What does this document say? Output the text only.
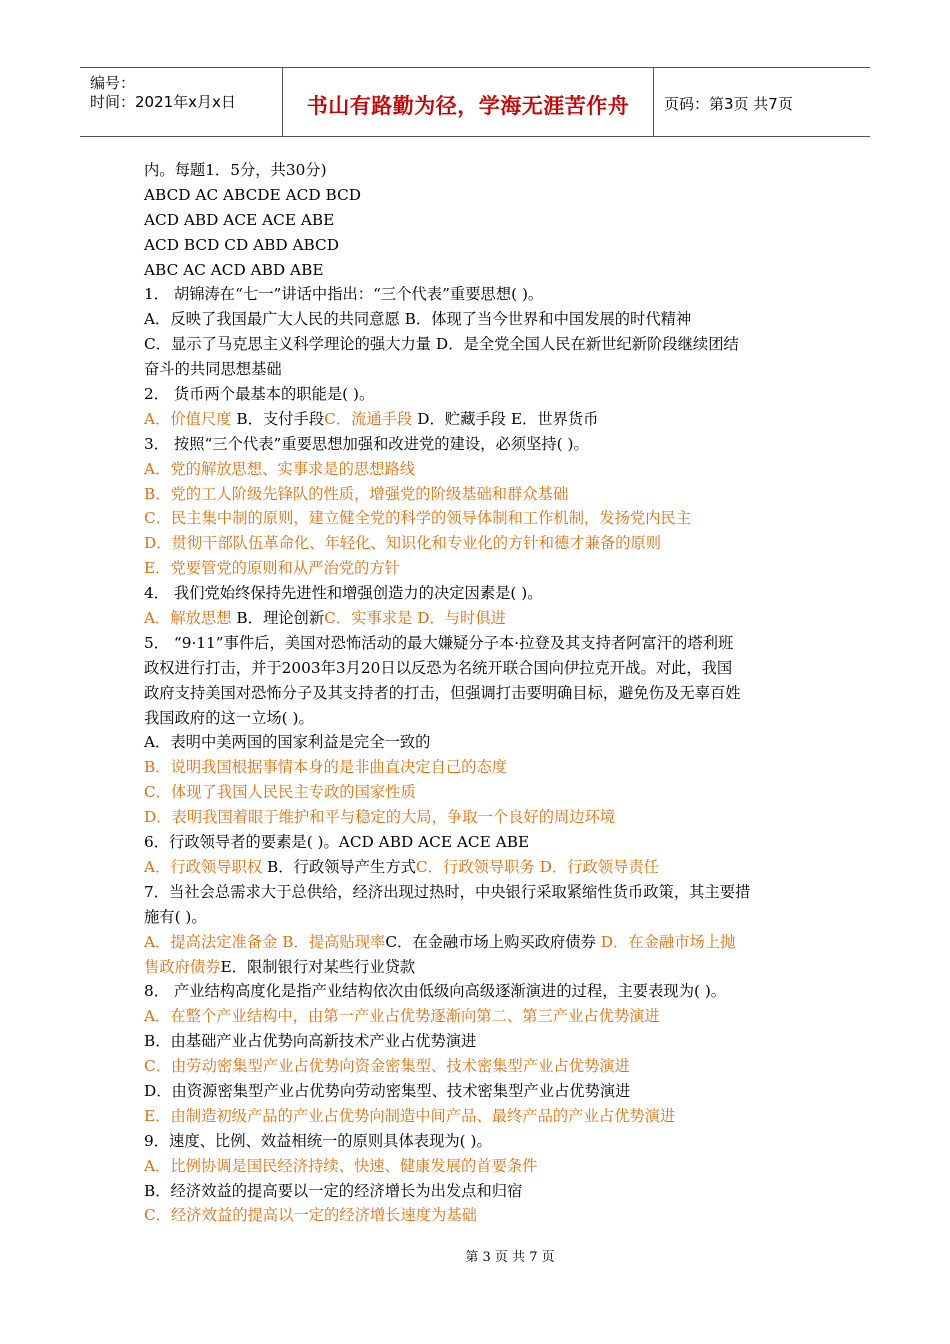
编号：
时间：2021年x月x日	书山有路勤为径，学海无涯苦作舟	页码：第3页 共7页
内。每题1．5分，共30分)
ABCD AC ABCDE ACD BCD
ACD ABD ACE ACE ABE
ACD BCD CD ABD ABCD
ABC AC ACD ABD ABE
1． 胡锦涛在“七一”讲话中指出：“三个代表”重要思想( )。
A．反映了我国最广大人民的共同意愿 B．体现了当今世界和中国发展的时代精神
C．显示了马克思主义科学理论的强大力量 D．是全党全国人民在新世纪新阶段继续团结
奋斗的共同思想基础
2． 货币两个最基本的职能是( )。
A．价值尺度 B．支付手段C．流通手段 D．贮藏手段 E．世界货币
3． 按照“三个代表”重要思想加强和改进党的建设，必须坚持( )。
A．党的解放思想、实事求是的思想路线
B．党的工人阶级先锋队的性质，增强党的阶级基础和群众基础
C．民主集中制的原则，建立健全党的科学的领导体制和工作机制，发扬党内民主
D．贯彻干部队伍革命化、年轻化、知识化和专业化的方针和德才兼备的原则
E．党要管党的原则和从严治党的方针
4． 我们党始终保持先进性和增强创造力的决定因素是( )。
A．解放思想 B．理论创新C．实事求是 D．与时俱进
5． “9·11”事件后，美国对恐怖活动的最大嫌疑分子本·拉登及其支持者阿富汗的塔利班
政权进行打击，并于2003年3月20日以反恐为名统开联合国向伊拉克开战。对此，我国
政府支持美国对恐怖分子及其支持者的打击，但强调打击要明确目标，避免伤及无辜百姓
我国政府的这一立场( )。
A．表明中美两国的国家利益是完全一致的
B．说明我国根据事情本身的是非曲直决定自己的态度
C．体现了我国人民民主专政的国家性质
D．表明我国着眼于维护和平与稳定的大局，争取一个良好的周边环境
6．行政领导者的要素是( )。ACD ABD ACE ACE ABE
A．行政领导职权 B．行政领导产生方式C．行政领导职务 D．行政领导责任
7．当社会总需求大于总供给，经济出现过热时，中央银行采取紧缩性货币政策，其主要措
施有( )。
A．提高法定准备金 B．提高贴现率C．在金融市场上购买政府债券 D．在金融市场上抛
售政府债券E．限制银行对某些行业贷款
8． 产业结构高度化是指产业结构依次由低级向高级逐渐演进的过程，主要表现为( )。
A．在整个产业结构中，由第一产业占优势逐渐向第二、第三产业占优势演进
B．由基础产业占优势向高新技术产业占优势演进
C．由劳动密集型产业占优势向资金密集型、技术密集型产业占优势演进
D．由资源密集型产业占优势向劳动密集型、技术密集型产业占优势演进
E．由制造初级产品的产业占优势向制造中间产品、最终产品的产业占优势演进
9．速度、比例、效益相统一的原则具体表现为( )。
A．比例协调是国民经济持续、快速、健康发展的首要条件
B．经济效益的提高要以一定的经济增长为出发点和归宿
C．经济效益的提高以一定的经济增长速度为基础
第 3 页 共 7 页
